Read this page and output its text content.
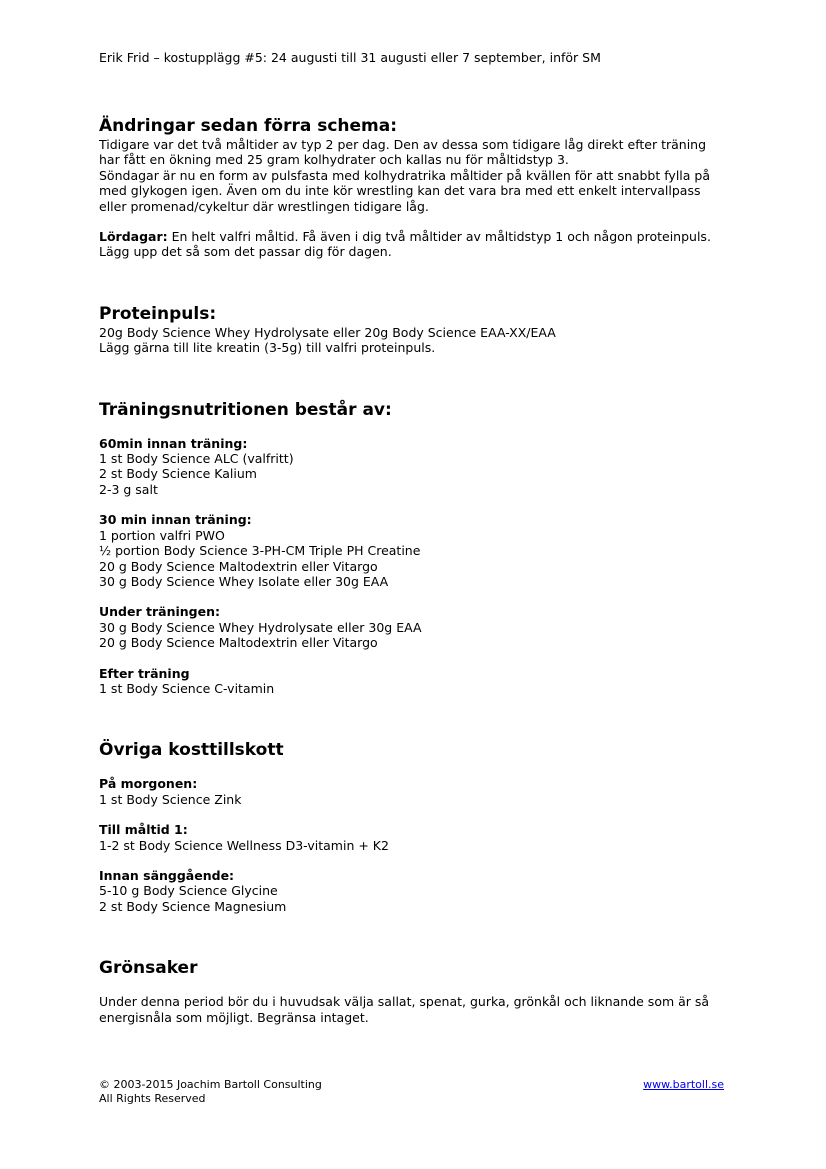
Erik Frid – kostupplägg #5: 24 augusti till 31 augusti eller 7 september, inför SM
Ändringar sedan förra schema:
Tidigare var det två måltider av typ 2 per dag. Den av dessa som tidigare låg direkt efter träning
har fått en ökning med 25 gram kolhydrater och kallas nu för måltidstyp 3.
Söndagar är nu en form av pulsfasta med kolhydratrika måltider på kvällen för att snabbt fylla på
med glykogen igen. Även om du inte kör wrestling kan det vara bra med ett enkelt intervallpass
eller promenad/cykeltur där wrestlingen tidigare låg.
Lördagar: En helt valfri måltid. Få även i dig två måltider av måltidstyp 1 och någon proteinpuls.
Lägg upp det så som det passar dig för dagen.
Proteinpuls:
20g Body Science Whey Hydrolysate eller 20g Body Science EAA-XX/EAA
Lägg gärna till lite kreatin (3-5g) till valfri proteinpuls.
Träningsnutritionen består av:
60min innan träning:
1 st Body Science ALC (valfritt)
2 st Body Science Kalium
2-3 g salt
30 min innan träning:
1 portion valfri PWO
½ portion Body Science 3-PH-CM Triple PH Creatine
20 g Body Science Maltodextrin eller Vitargo
30 g Body Science Whey Isolate eller 30g EAA
Under träningen:
30 g Body Science Whey Hydrolysate eller 30g EAA
20 g Body Science Maltodextrin eller Vitargo
Efter träning
1 st Body Science C-vitamin
Övriga kosttillskott
På morgonen:
1 st Body Science Zink
Till måltid 1:
1-2 st Body Science Wellness D3-vitamin + K2
Innan sänggående:
5-10 g Body Science Glycine
2 st Body Science Magnesium
Grönsaker
Under denna period bör du i huvudsak välja sallat, spenat, gurka, grönkål och liknande som är så
energisnåla som möjligt. Begränsa intaget.
© 2003-2015 Joachim Bartoll Consulting
All Rights Reserved
www.bartoll.se
